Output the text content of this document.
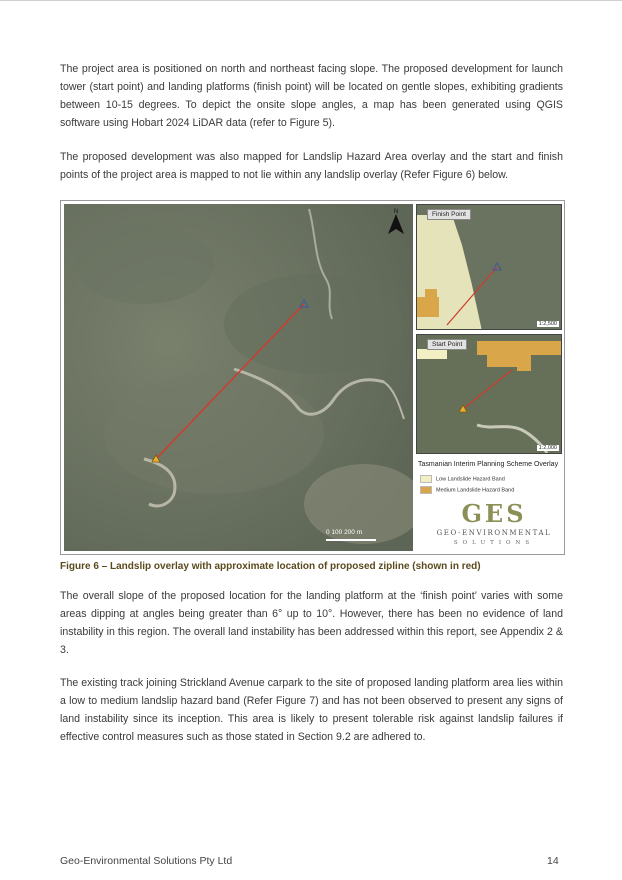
The project area is positioned on north and northeast facing slope. The proposed development for launch tower (start point) and landing platforms (finish point) will be located on gentle slopes, exhibiting gradients between 10-15 degrees. To depict the onsite slope angles, a map has been generated using QGIS software using Hobart 2024 LiDAR data (refer to Figure 5).

The proposed development was also mapped for Landslip Hazard Area overlay and the start and finish points of the project area is mapped to not lie within any landslip overlay (Refer Figure 6) below.

N
0 100 200 m
Finish Point
1:2,500
Start Point
1:2,000
Tasmanian Interim Planning Scheme Overlay
Low Landslide Hazard Band
Medium Landslide Hazard Band
GES
GEO-ENVIRONMENTAL
SOLUTIONS

Figure 6 – Landslip overlay with approximate location of proposed zipline (shown in red)

The overall slope of the proposed location for the landing platform at the ‘finish point’ varies with some areas dipping at angles being greater than 6° up to 10°. However, there has been no evidence of land instability in this region. The overall land instability has been addressed within this report, see Appendix 2 & 3.

The existing track joining Strickland Avenue carpark to the site of proposed landing platform area lies within a low to medium landslip hazard band (Refer Figure 7) and has not been observed to present any signs of land instability since its inception. This area is likely to present tolerable risk against landslip failures if effective control measures such as those stated in Section 9.2 are adhered to.

Geo-Environmental Solutions Pty Ltd	14
